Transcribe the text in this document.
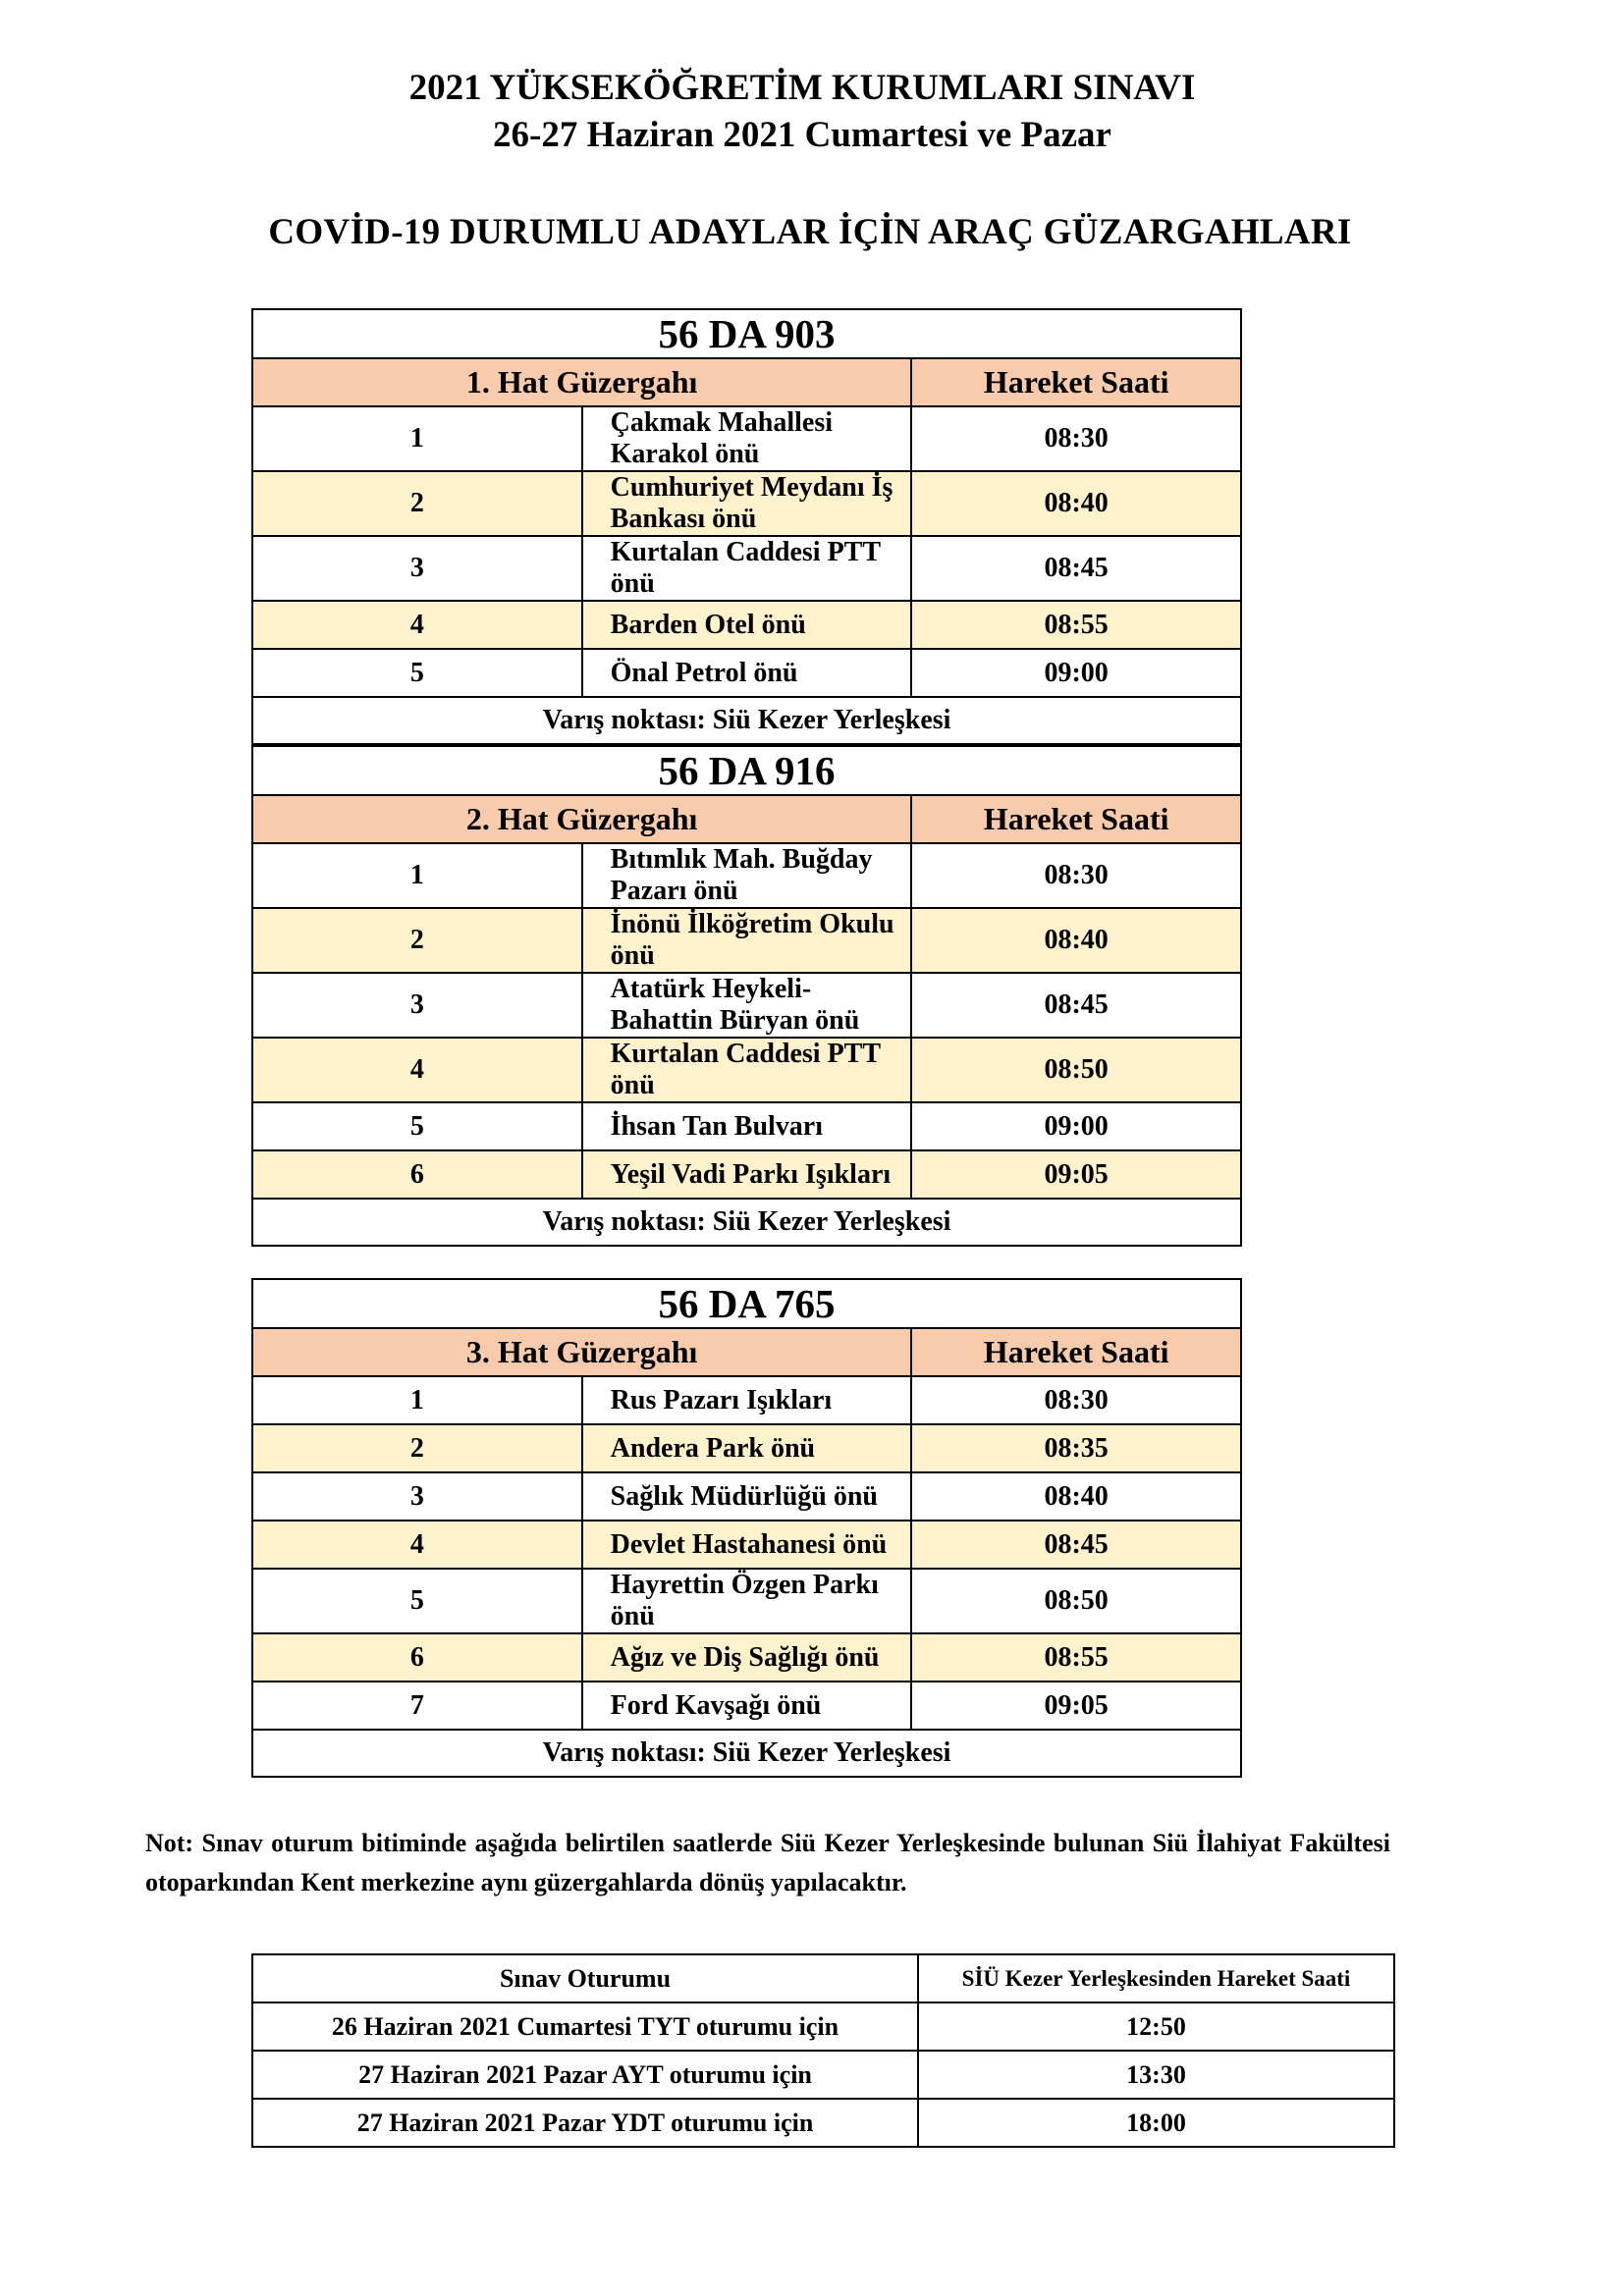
2021 YÜKSEKÖĞRETİM KURUMLARI SINAVI
26-27 Haziran 2021 Cumartesi ve Pazar
COVİD-19 DURUMLU ADAYLAR İÇİN ARAÇ GÜZARGAHLARI
56 DA 903		
1. Hat Güzergahı		Hareket Saati
1	Çakmak Mahallesi Karakol önü	08:30
2	Cumhuriyet Meydanı İş Bankası önü	08:40
3	Kurtalan Caddesi PTT önü	08:45
4	Barden Otel önü	08:55
5	Önal Petrol önü	09:00
Varış noktası: Siü Kezer Yerleşkesi		
56 DA 916		
2. Hat Güzergahı		Hareket Saati
1	Bıtımlık Mah. Buğday Pazarı önü	08:30
2	İnönü İlköğretim Okulu önü	08:40
3	Atatürk Heykeli-Bahattin Büryan önü	08:45
4	Kurtalan Caddesi PTT önü	08:50
5	İhsan Tan Bulvarı	09:00
6	Yeşil Vadi Parkı Işıkları	09:05
Varış noktası: Siü Kezer Yerleşkesi		
56 DA 765		
3. Hat Güzergahı		Hareket Saati
1	Rus Pazarı Işıkları	08:30
2	Andera Park önü	08:35
3	Sağlık Müdürlüğü önü	08:40
4	Devlet Hastahanesi önü	08:45
5	Hayrettin Özgen Parkı önü	08:50
6	Ağız ve Diş Sağlığı önü	08:55
7	Ford Kavşağı önü	09:05
Varış noktası: Siü Kezer Yerleşkesi		
Not: Sınav oturum bitiminde aşağıda belirtilen saatlerde Siü Kezer Yerleşkesinde bulunan Siü İlahiyat Fakültesi otoparkından Kent merkezine aynı güzergahlarda dönüş yapılacaktır.
Sınav Oturumu	SİÜ Kezer Yerleşkesinden Hareket Saati
26 Haziran 2021 Cumartesi TYT oturumu için	12:50
27 Haziran 2021 Pazar AYT oturumu için	13:30
27 Haziran 2021 Pazar YDT oturumu için	18:00
